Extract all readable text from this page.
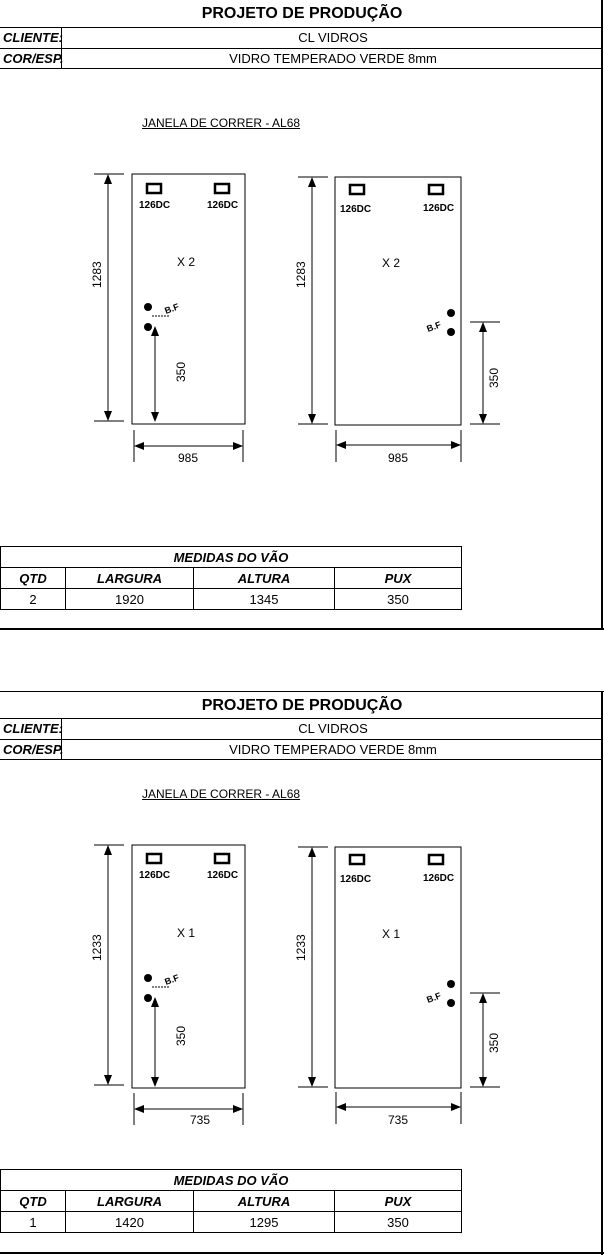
PROJETO DE PRODUÇÃO
CLIENTE:	CL VIDROS
COR/ESP.	VIDRO TEMPERADO VERDE 8mm
JANELA DE CORRER - AL68
126DC	126DC
X 2
B.F
1283
350
985
126DC	126DC
X 2
B.F
1283
350
985
MEDIDAS DO VÃO			
QTD	LARGURA	ALTURA	PUX
2	1920	1345	350
PROJETO DE PRODUÇÃO
CLIENTE:	CL VIDROS
COR/ESP.	VIDRO TEMPERADO VERDE 8mm
JANELA DE CORRER - AL68
126DC	126DC
X 1
B.F
1233
350
735
126DC	126DC
X 1
B.F
1233
350
735
MEDIDAS DO VÃO			
QTD	LARGURA	ALTURA	PUX
1	1420	1295	350
